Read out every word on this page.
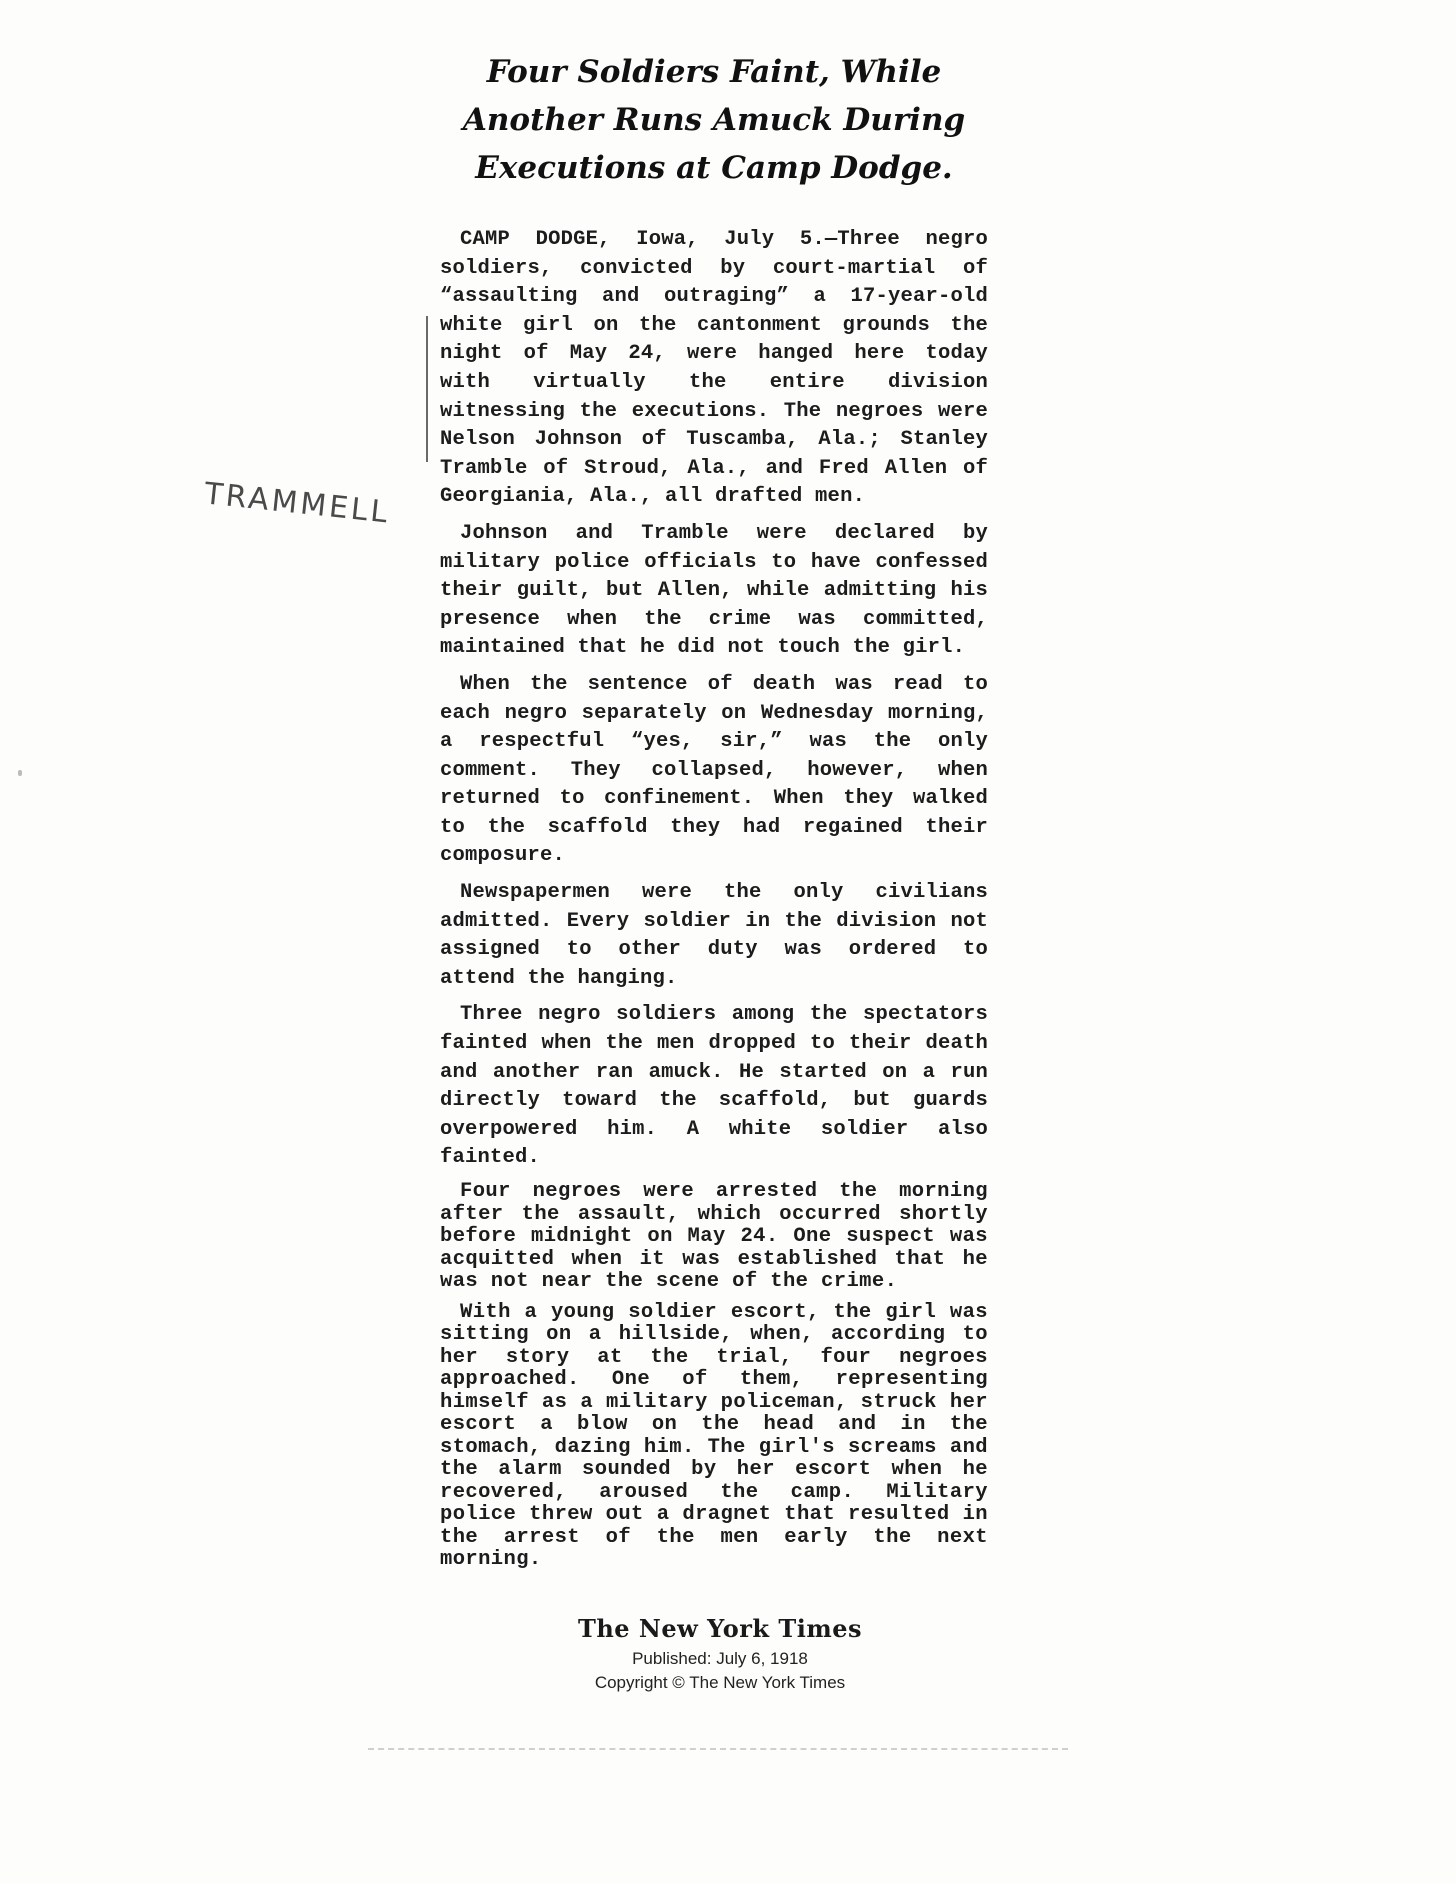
Four Soldiers Faint, While Another Runs Amuck During Executions at Camp Dodge.

CAMP DODGE, Iowa, July 5.—Three negro soldiers, convicted by court-martial of “assaulting and outraging” a 17-year-old white girl on the cantonment grounds the night of May 24, were hanged here today with virtually the entire division witnessing the executions. The negroes were Nelson Johnson of Tuscamba, Ala.; Stanley Tramble of Stroud, Ala., and Fred Allen of Georgiania, Ala., all drafted men.

Johnson and Tramble were declared by military police officials to have confessed their guilt, but Allen, while admitting his presence when the crime was committed, maintained that he did not touch the girl.

When the sentence of death was read to each negro separately on Wednesday morning, a respectful “yes, sir,” was the only comment. They collapsed, however, when returned to confinement. When they walked to the scaffold they had regained their composure.

Newspapermen were the only civilians admitted. Every soldier in the division not assigned to other duty was ordered to attend the hanging.

Three negro soldiers among the spectators fainted when the men dropped to their death and another ran amuck. He started on a run directly toward the scaffold, but guards overpowered him. A white soldier also fainted.

Four negroes were arrested the morning after the assault, which occurred shortly before midnight on May 24. One suspect was acquitted when it was established that he was not near the scene of the crime.

With a young soldier escort, the girl was sitting on a hillside, when, according to her story at the trial, four negroes approached. One of them, representing himself as a military policeman, struck her escort a blow on the head and in the stomach, dazing him. The girl's screams and the alarm sounded by her escort when he recovered, aroused the camp. Military police threw out a dragnet that resulted in the arrest of the men early the next morning.

TRAMMELL
The New York Times
Published: July 6, 1918
Copyright © The New York Times
